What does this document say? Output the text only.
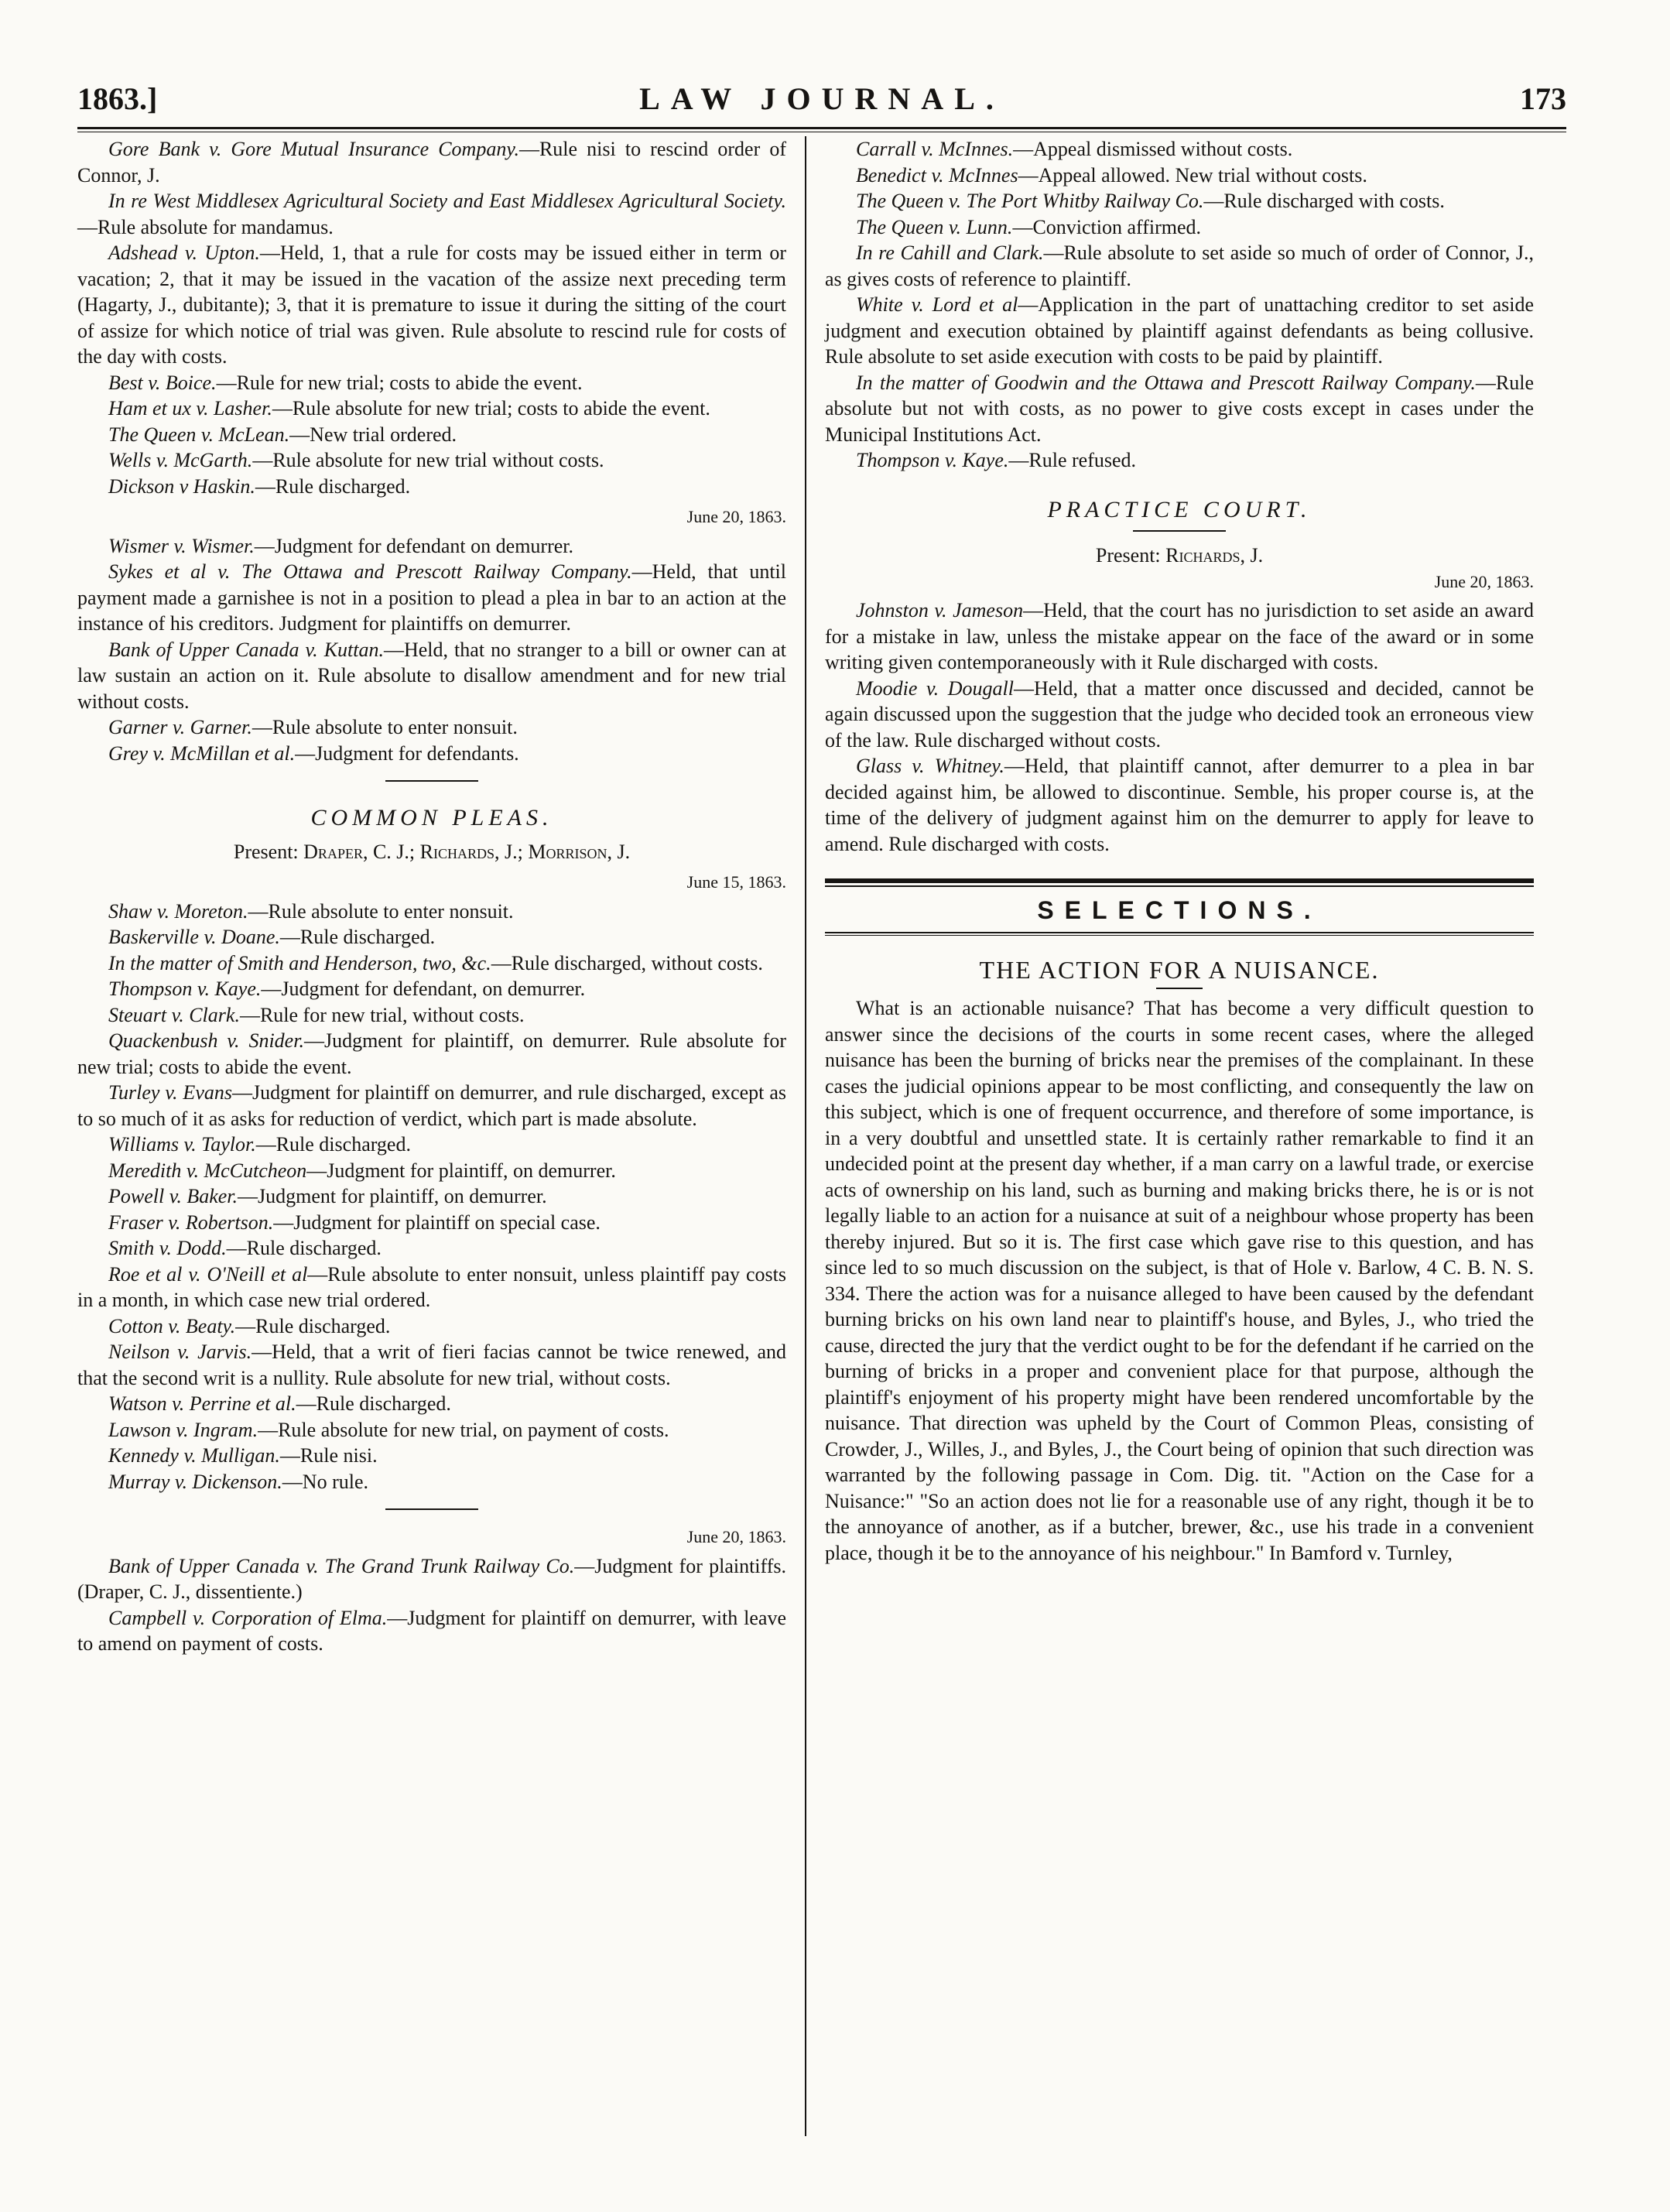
1863.]	LAW JOURNAL.	173

Gore Bank v. Gore Mutual Insurance Company.—Rule nisi to rescind order of Connor, J.

In re West Middlesex Agricultural Society and East Middlesex Agricultural Society.—Rule absolute for mandamus.

Adshead v. Upton.—Held, 1, that a rule for costs may be issued either in term or vacation; 2, that it may be issued in the vacation of the assize next preceding term (Hagarty, J., dubitante); 3, that it is premature to issue it during the sitting of the court of assize for which notice of trial was given. Rule absolute to rescind rule for costs of the day with costs.

Best v. Boice.—Rule for new trial; costs to abide the event.

Ham et ux v. Lasher.—Rule absolute for new trial; costs to abide the event.

The Queen v. McLean.—New trial ordered.

Wells v. McGarth.—Rule absolute for new trial without costs.

Dickson v Haskin.—Rule discharged.

June 20, 1863.

Wismer v. Wismer.—Judgment for defendant on demurrer.

Sykes et al v. The Ottawa and Prescott Railway Company.—Held, that until payment made a garnishee is not in a position to plead a plea in bar to an action at the instance of his creditors. Judgment for plaintiffs on demurrer.

Bank of Upper Canada v. Kuttan.—Held, that no stranger to a bill or owner can at law sustain an action on it. Rule absolute to disallow amendment and for new trial without costs.

Garner v. Garner.—Rule absolute to enter nonsuit.

Grey v. McMillan et al.—Judgment for defendants.

COMMON PLEAS.

Present: Draper, C. J.; Richards, J.; Morrison, J.

June 15, 1863.

Shaw v. Moreton.—Rule absolute to enter nonsuit.

Baskerville v. Doane.—Rule discharged.

In the matter of Smith and Henderson, two, &c.—Rule discharged, without costs.

Thompson v. Kaye.—Judgment for defendant, on demurrer.

Steuart v. Clark.—Rule for new trial, without costs.

Quackenbush v. Snider.—Judgment for plaintiff, on demurrer. Rule absolute for new trial; costs to abide the event.

Turley v. Evans—Judgment for plaintiff on demurrer, and rule discharged, except as to so much of it as asks for reduction of verdict, which part is made absolute.

Williams v. Taylor.—Rule discharged.

Meredith v. McCutcheon—Judgment for plaintiff, on demurrer.

Powell v. Baker.—Judgment for plaintiff, on demurrer.

Fraser v. Robertson.—Judgment for plaintiff on special case.

Smith v. Dodd.—Rule discharged.

Roe et al v. O'Neill et al—Rule absolute to enter nonsuit, unless plaintiff pay costs in a month, in which case new trial ordered.

Cotton v. Beaty.—Rule discharged.

Neilson v. Jarvis.—Held, that a writ of fieri facias cannot be twice renewed, and that the second writ is a nullity. Rule absolute for new trial, without costs.

Watson v. Perrine et al.—Rule discharged.

Lawson v. Ingram.—Rule absolute for new trial, on payment of costs.

Kennedy v. Mulligan.—Rule nisi.

Murray v. Dickenson.—No rule.

June 20, 1863.

Bank of Upper Canada v. The Grand Trunk Railway Co.—Judgment for plaintiffs. (Draper, C. J., dissentiente.)

Campbell v. Corporation of Elma.—Judgment for plaintiff on demurrer, with leave to amend on payment of costs.

Carrall v. McInnes.—Appeal dismissed without costs.

Benedict v. McInnes—Appeal allowed. New trial without costs.

The Queen v. The Port Whitby Railway Co.—Rule discharged with costs.

The Queen v. Lunn.—Conviction affirmed.

In re Cahill and Clark.—Rule absolute to set aside so much of order of Connor, J., as gives costs of reference to plaintiff.

White v. Lord et al—Application in the part of unattaching creditor to set aside judgment and execution obtained by plaintiff against defendants as being collusive. Rule absolute to set aside execution with costs to be paid by plaintiff.

In the matter of Goodwin and the Ottawa and Prescott Railway Company.—Rule absolute but not with costs, as no power to give costs except in cases under the Municipal Institutions Act.

Thompson v. Kaye.—Rule refused.

PRACTICE COURT.

Present: Richards, J.

June 20, 1863.

Johnston v. Jameson—Held, that the court has no jurisdiction to set aside an award for a mistake in law, unless the mistake appear on the face of the award or in some writing given contemporaneously with it Rule discharged with costs.

Moodie v. Dougall—Held, that a matter once discussed and decided, cannot be again discussed upon the suggestion that the judge who decided took an erroneous view of the law. Rule discharged without costs.

Glass v. Whitney.—Held, that plaintiff cannot, after demurrer to a plea in bar decided against him, be allowed to discontinue. Semble, his proper course is, at the time of the delivery of judgment against him on the demurrer to apply for leave to amend. Rule discharged with costs.

SELECTIONS.

THE ACTION FOR A NUISANCE.

What is an actionable nuisance? That has become a very difficult question to answer since the decisions of the courts in some recent cases, where the alleged nuisance has been the burning of bricks near the premises of the complainant. In these cases the judicial opinions appear to be most conflicting, and consequently the law on this subject, which is one of frequent occurrence, and therefore of some importance, is in a very doubtful and unsettled state. It is certainly rather remarkable to find it an undecided point at the present day whether, if a man carry on a lawful trade, or exercise acts of ownership on his land, such as burning and making bricks there, he is or is not legally liable to an action for a nuisance at suit of a neighbour whose property has been thereby injured. But so it is. The first case which gave rise to this question, and has since led to so much discussion on the subject, is that of Hole v. Barlow, 4 C. B. N. S. 334. There the action was for a nuisance alleged to have been caused by the defendant burning bricks on his own land near to plaintiff's house, and Byles, J., who tried the cause, directed the jury that the verdict ought to be for the defendant if he carried on the burning of bricks in a proper and convenient place for that purpose, although the plaintiff's enjoyment of his property might have been rendered uncomfortable by the nuisance. That direction was upheld by the Court of Common Pleas, consisting of Crowder, J., Willes, J., and Byles, J., the Court being of opinion that such direction was warranted by the following passage in Com. Dig. tit. "Action on the Case for a Nuisance:" "So an action does not lie for a reasonable use of any right, though it be to the annoyance of another, as if a butcher, brewer, &c., use his trade in a convenient place, though it be to the annoyance of his neighbour." In Bamford v. Turnley,
